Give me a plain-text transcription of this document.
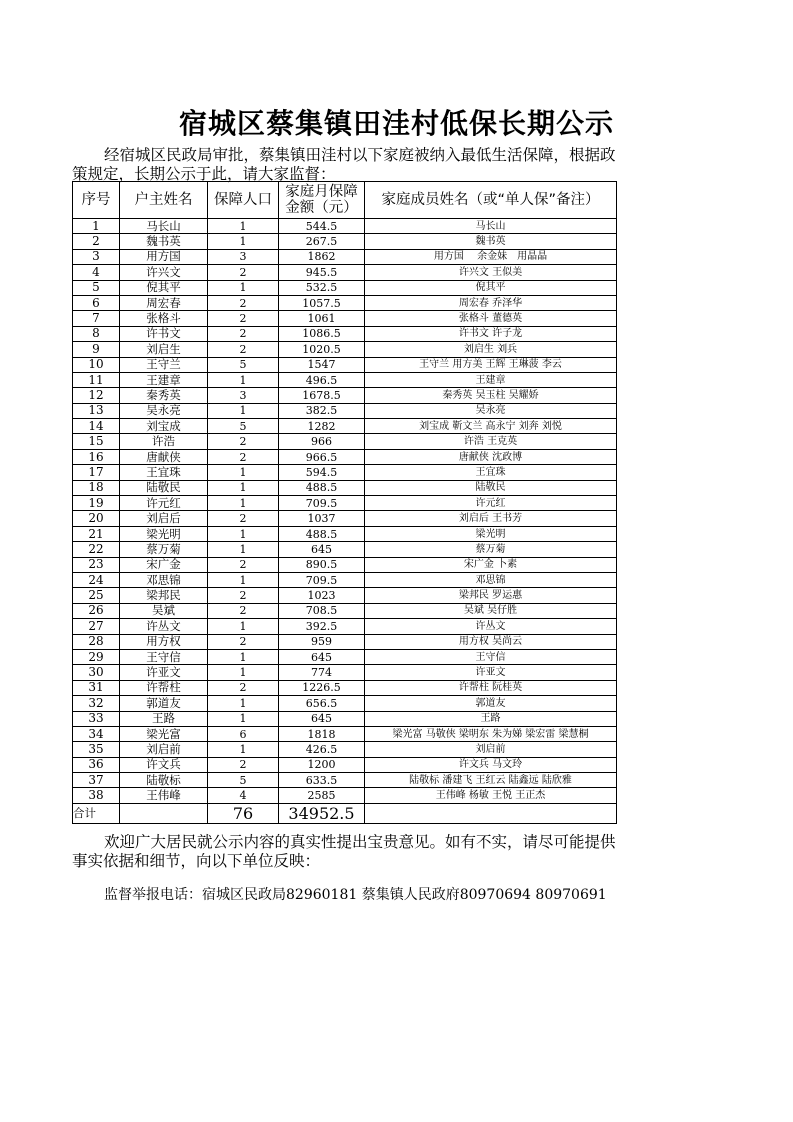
宿城区蔡集镇田洼村低保长期公示
经宿城区民政局审批，蔡集镇田洼村以下家庭被纳入最低生活保障，根据政策规定，长期公示于此，请大家监督：
序号	户主姓名	保障人口	家庭月保障金额（元）	家庭成员姓名（或“单人保”备注）
1	马长山	1	544.5	马长山
2	魏书英	1	267.5	魏书英
3	用方国	3	1862	用方国　 余金妹　用晶晶
4	许兴文	2	945.5	许兴文 王似美
5	倪其平	1	532.5	倪其平
6	周宏春	2	1057.5	周宏春 乔泽华
7	张格斗	2	1061	张格斗 董德英
8	许书文	2	1086.5	许书文 许子龙
9	刘启生	2	1020.5	刘启生 刘兵
10	王守兰	5	1547	王守兰 用方美 王辉 王琳菠 李云
11	王建章	1	496.5	王建章
12	秦秀英	3	1678.5	秦秀英 吴玉柱 吴耀娇
13	吴永亮	1	382.5	吴永亮
14	刘宝成	5	1282	刘宝成 靳文兰 高永宁 刘奔 刘悦
15	许浩	2	966	许浩 王克英
16	唐献侠	2	966.5	唐献侠 沈政博
17	王宜珠	1	594.5	王宜珠
18	陆敬民	1	488.5	陆敬民
19	许元红	1	709.5	许元红
20	刘启后	2	1037	刘启后 王书芳
21	梁光明	1	488.5	梁光明
22	蔡万菊	1	645	蔡万菊
23	宋广金	2	890.5	宋广金 卜素
24	邓思锦	1	709.5	邓思锦
25	梁邦民	2	1023	梁邦民 罗运惠
26	吴斌	2	708.5	吴斌 吴仔胜
27	许丛文	1	392.5	许丛文
28	用方权	2	959	用方权 吴尚云
29	王守信	1	645	王守信
30	许亚文	1	774	许亚文
31	许帮柱	2	1226.5	许帮柱 阮桂英
32	郭道友	1	656.5	郭道友
33	王路	1	645	王路
34	梁光富	6	1818	梁光富 马敬侠 梁明东 朱为娣 梁宏雷 梁慧桐
35	刘启前	1	426.5	刘启前
36	许文兵	2	1200	许文兵 马文玲
37	陆敬标	5	633.5	陆敬标 潘建飞 王红云 陆鑫远 陆欣雅
38	王伟峰	4	2585	王伟峰 杨敏 王悦 王正杰
合计		76	34952.5	
欢迎广大居民就公示内容的真实性提出宝贵意见。如有不实，请尽可能提供事实依据和细节，向以下单位反映：
监督举报电话：宿城区民政局82960181 蔡集镇人民政府80970694 80970691
